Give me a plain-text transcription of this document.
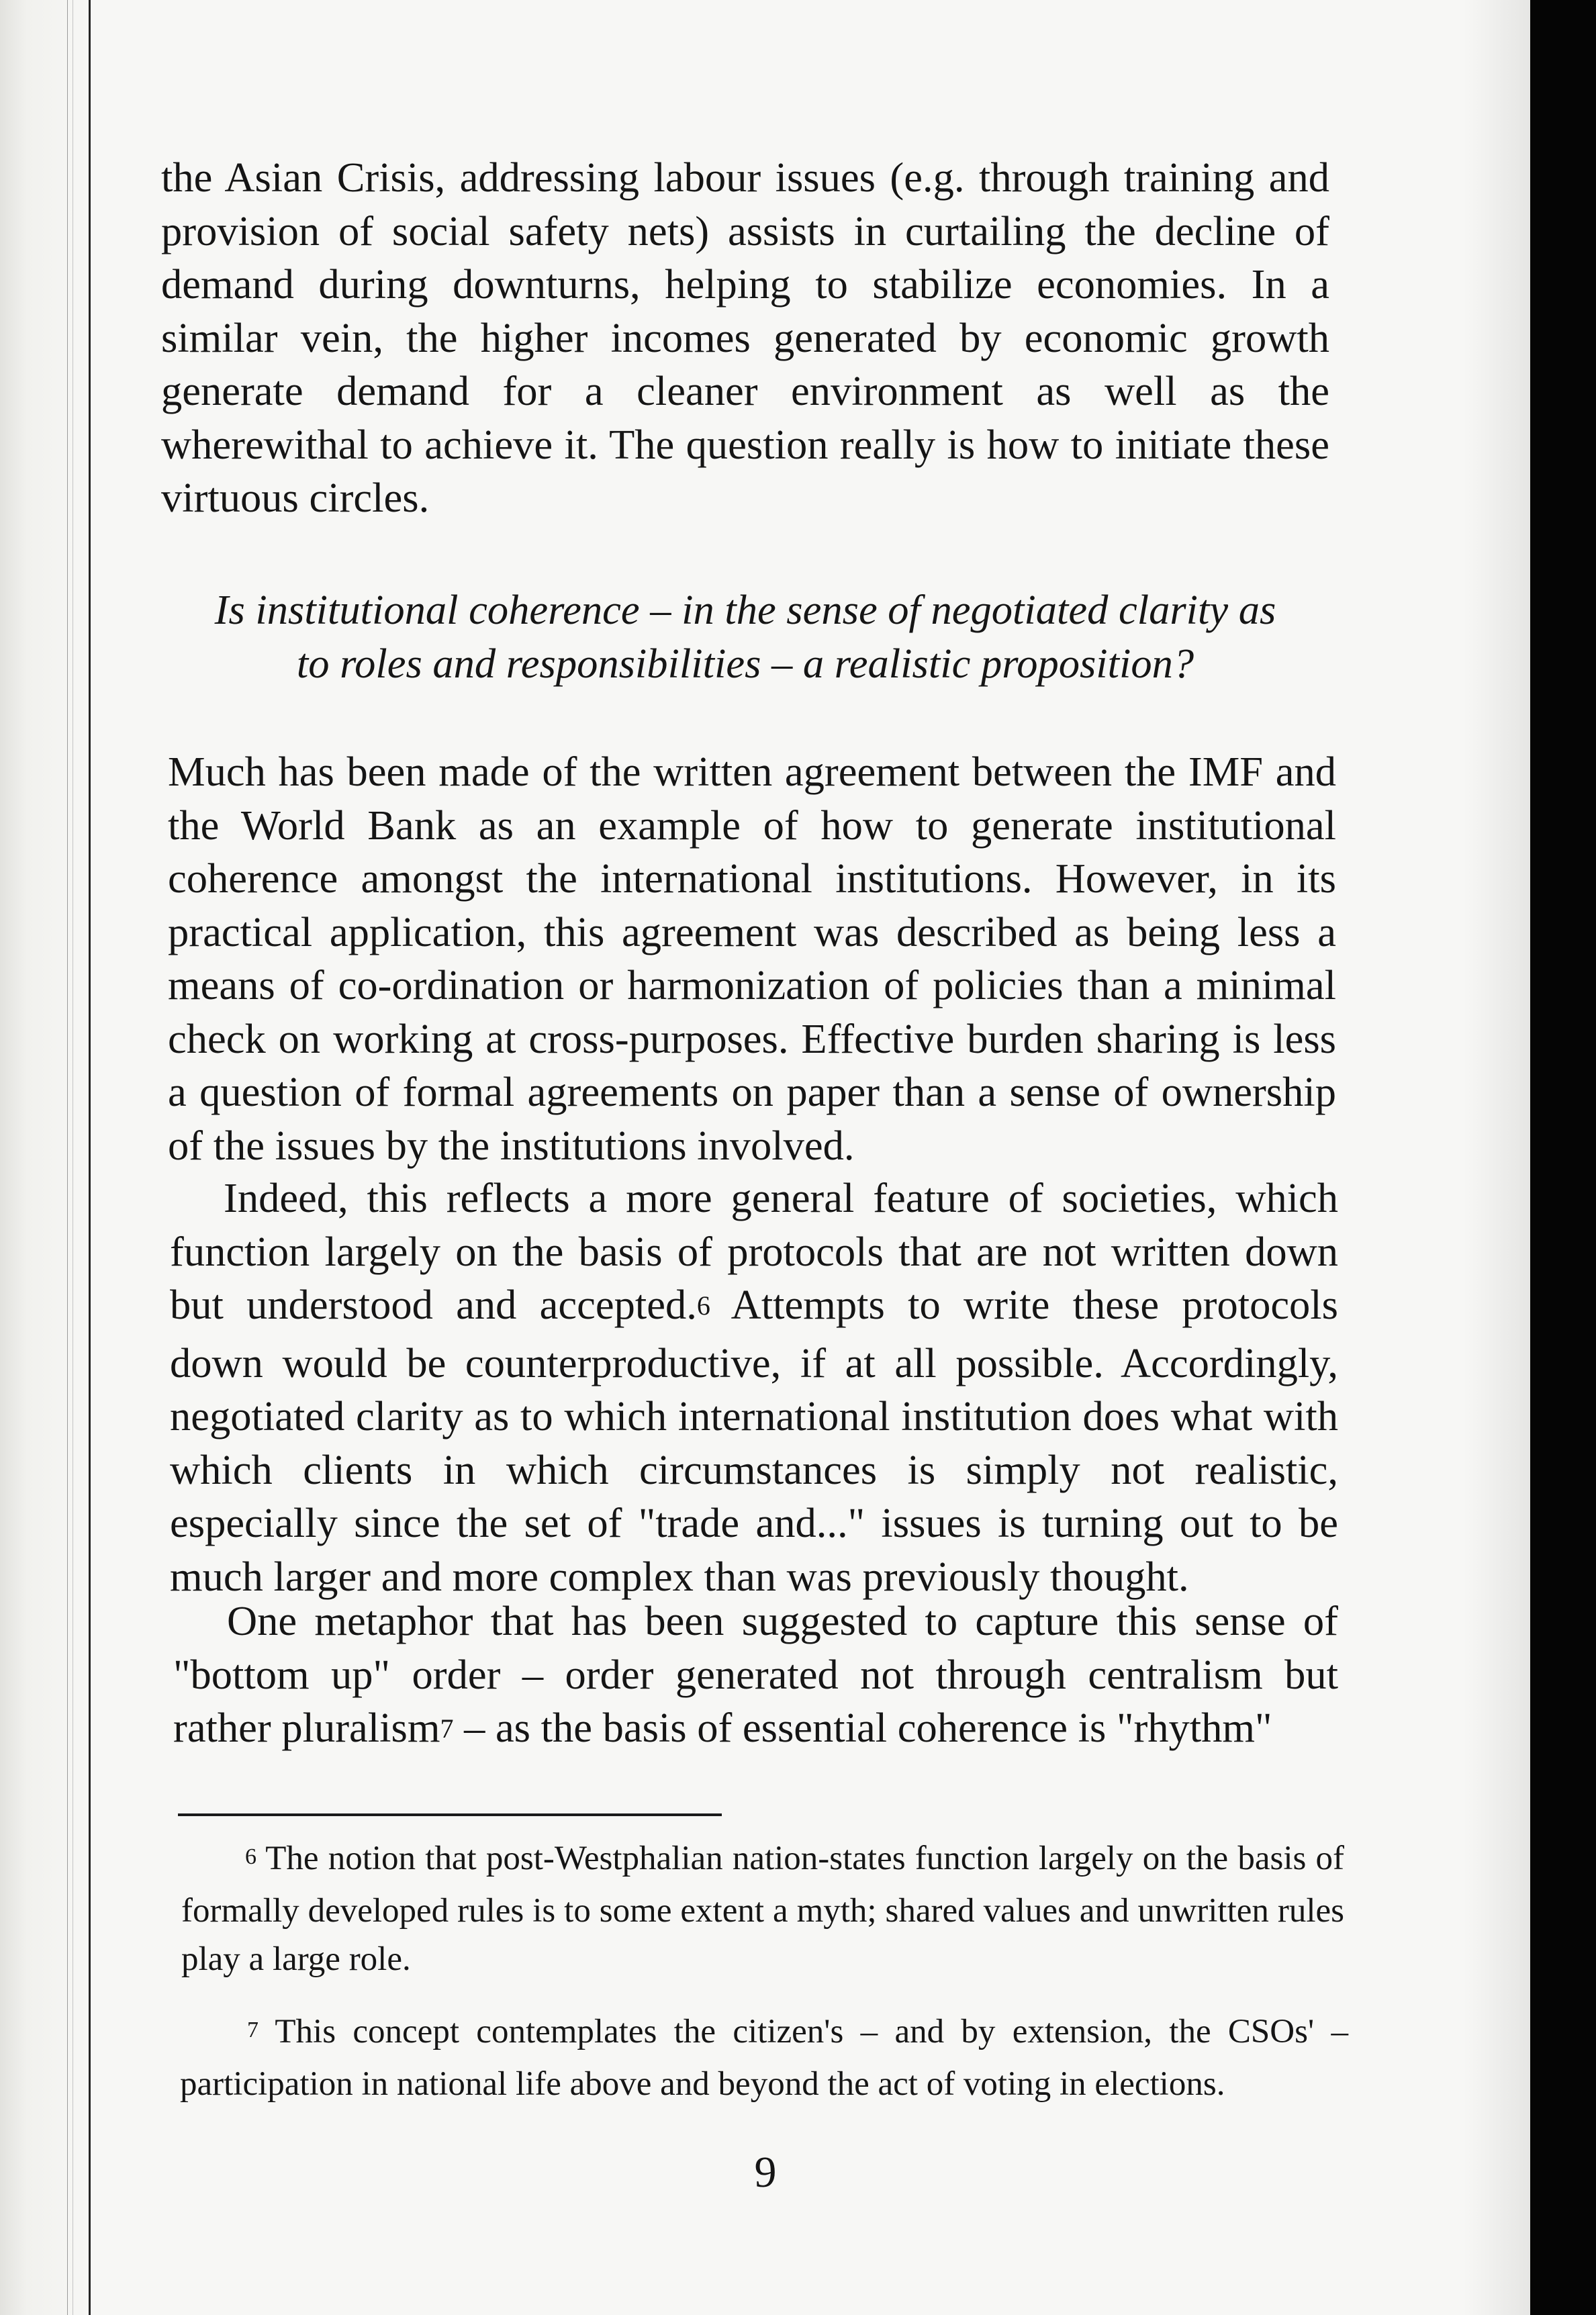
the Asian Crisis, addressing labour issues (e.g. through training and provision of social safety nets) assists in curtailing the decline of demand during downturns, helping to stabilize economies. In a similar vein, the higher incomes generated by economic growth generate demand for a cleaner environment as well as the wherewithal to achieve it. The question really is how to initiate these virtuous circles.

Is institutional coherence – in the sense of negotiated clarity as
to roles and responsibilities – a realistic proposition?

Much has been made of the written agreement between the IMF and the World Bank as an example of how to generate institutional coherence amongst the international institutions. However, in its practical application, this agreement was described as being less a means of co-ordination or harmonization of policies than a minimal check on working at cross-purposes. Effective burden sharing is less a question of formal agreements on paper than a sense of ownership of the issues by the institutions involved.

Indeed, this reflects a more general feature of societies, which function largely on the basis of protocols that are not written down but understood and accepted.$^6$ Attempts to write these protocols down would be counterproductive, if at all possible. Accordingly, negotiated clarity as to which international institution does what with which clients in which circumstances is simply not realistic, especially since the set of "trade and..." issues is turning out to be much larger and more complex than was previously thought.

One metaphor that has been suggested to capture this sense of "bottom up" order – order generated not through centralism but rather pluralism$^7$ – as the basis of essential coherence is "rhythm"

$^6$ The notion that post-Westphalian nation-states function largely on the basis of formally developed rules is to some extent a myth; shared values and unwritten rules play a large role.

$^7$ This concept contemplates the citizen's – and by extension, the CSOs' – participation in national life above and beyond the act of voting in elections.

9
